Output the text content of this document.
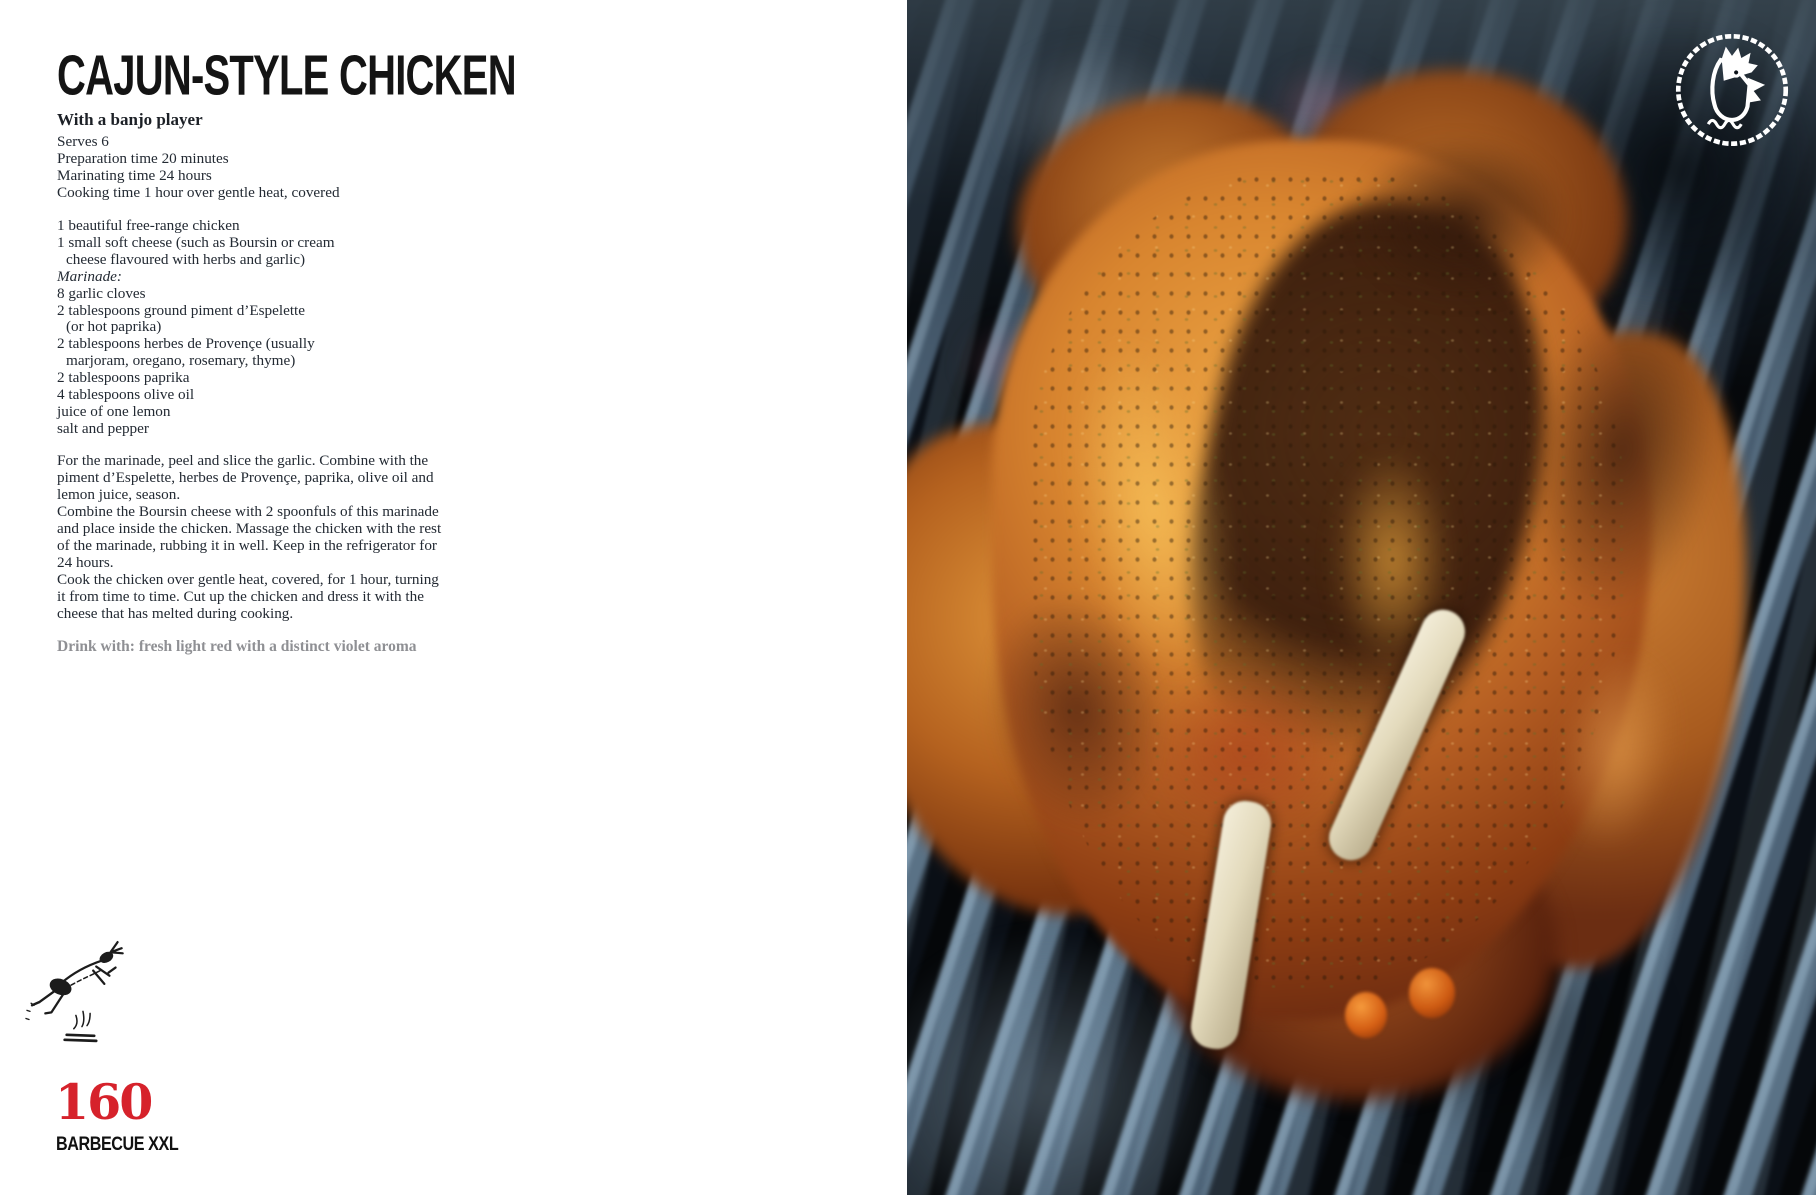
CAJUN-STYLE CHICKEN
With a banjo player
Serves 6
Preparation time 20 minutes
Marinating time 24 hours
Cooking time 1 hour over gentle heat, covered
1 beautiful free-range chicken
1 small soft cheese (such as Boursin or cream
cheese flavoured with herbs and garlic)
Marinade:
8 garlic cloves
2 tablespoons ground piment d’Espelette
(or hot paprika)
2 tablespoons herbes de Provençe (usually
marjoram, oregano, rosemary, thyme)
2 tablespoons paprika
4 tablespoons olive oil
juice of one lemon
salt and pepper
For the marinade, peel and slice the garlic. Combine with the
piment d’Espelette, herbes de Provençe, paprika, olive oil and
lemon juice, season.
Combine the Boursin cheese with 2 spoonfuls of this marinade
and place inside the chicken. Massage the chicken with the rest
of the marinade, rubbing it in well. Keep in the refrigerator for
24 hours.
Cook the chicken over gentle heat, covered, for 1 hour, turning
it from time to time. Cut up the chicken and dress it with the
cheese that has melted during cooking.
Drink with: fresh light red with a distinct violet aroma
160
BARBECUE XXL
